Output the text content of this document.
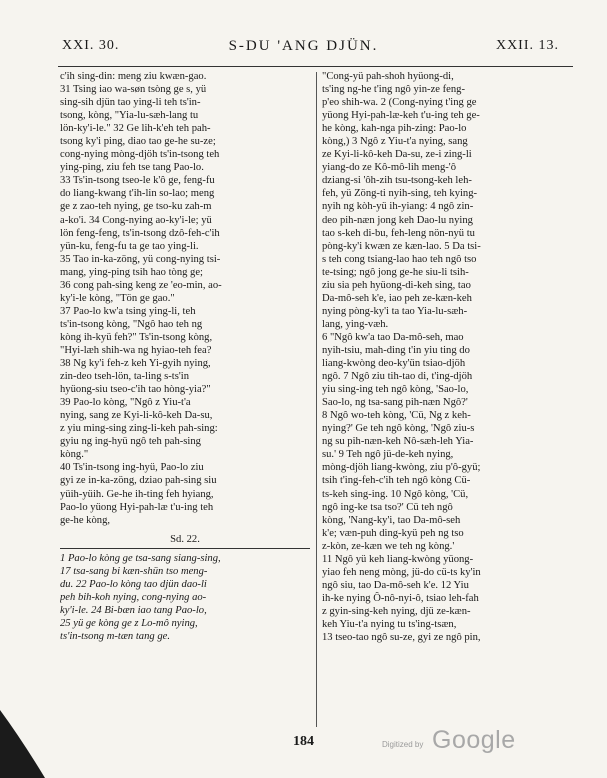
S-DU 'ANG DJÜN.
XXI. 30.	XXII. 13.
c'ih sing-din: meng ziu kwæn-gao.
31 Tsing iao wa-søn tsòng ge s, yü
sing-sih djün tao ying-li teh ts'in-
tsong, kòng, "Yia-lu-sæh-lang tu
lön-ky'i-le." 32 Ge lih-k'eh teh pah-
tsong ky'i ping, diao tao ge-he su-ze;
cong-nying mòng-djöh ts'in-tsong teh
ying-ping, ziu feh tse tang Pao-lo.
33 Ts'in-tsong tseo-le k'ô ge, feng-fu
do liang-kwang t'ih-lin so-lao; meng
ge z zao-teh nying, ge tso-ku zah-m
a-ko'i. 34 Cong-nying ao-ky'i-le; yü
lön feng-feng, ts'in-tsong dzô-feh-c'ih
yün-ku, feng-fu ta ge tao ying-li.
35 Tao in-ka-zöng, yü cong-nying tsi-
mang, ying-ping tsih hao tòng ge;
36 cong pah-sing keng ze 'eo-min, ao-
ky'i-le kòng, "Tön ge gao."
37 Pao-lo kw'a tsing ying-li, teh
ts'in-tsong kòng, "Ngô hao teh ng
kòng ih-kyü feh?" Ts'in-tsong kòng,
"Hyi-læh shih-wa ng hyiao-teh fea?
38 Ng ky'i feh-z keh Yi-gyih nying,
zin-deo tseh-lön, ta-ling s-ts'in
hyüong-siu tseo-c'ih tao hòng-yia?"
39 Pao-lo kòng, "Ngô z Yiu-t'a
nying, sang ze Kyi-li-kô-keh Da-su,
z yiu ming-sing zing-li-keh pah-sing:
gyiu ng ing-hyü ngô teh pah-sing
kòng."
40 Ts'in-tsong ing-hyü, Pao-lo ziu
gyi ze in-ka-zöng, dziao pah-sing siu
yüih-yüih. Ge-he ih-ting feh hyiang,
Pao-lo yüong Hyi-pah-læ t'u-ing teh
ge-he kòng,
Sd. 22.
1 Pao-lo kòng ge tsa-sang siang-sing,
17 tsa-sang bi kæn-shün tso meng-
du. 22 Pao-lo kòng tao djün dao-li
peh bih-koh nying, cong-nying ao-
ky'i-le. 24 Bi-bæn iao tang Pao-lo,
25 yü ge kòng ge z Lo-mô nying,
ts'in-tsong m-tæn tang ge.
"Cong-yü pah-shoh hyüong-di,
ts'ing ng-he t'ing ngô yin-ze feng-
p'eo shih-wa. 2 (Cong-nying t'ing ge
yüong Hyi-pah-læ-keh t'u-ing teh ge-
he kòng, kah-nga pih-zing: Pao-lo
kòng,) 3 Ngô z Yiu-t'a nying, sang
ze Kyi-li-kô-keh Da-su, ze-i zing-li
yiang-do ze Kô-mô-lih meng-'ô
dziang-si 'ôh-zih tsu-tsong-keh leh-
feh, yü Zöng-ti nyih-sing, teh kying-
nyih ng kòh-yü ih-yiang: 4 ngô zin-
deo pih-næn jong keh Dao-lu nying
tao s-keh di-bu, feh-leng nön-nyü tu
pòng-ky'i kwæn ze kæn-lao. 5 Da tsi-
s teh cong tsiang-lao hao teh ngô tso
te-tsing; ngô jong ge-he siu-li tsih-
ziu sia peh hyüong-di-keh sing, tao
Da-mô-seh k'e, iao peh ze-kæn-keh
nying pòng-ky'i ta tao Yia-lu-sæh-
lang, ying-væh.
6 "Ngô kw'a tao Da-mô-seh, mao
nyih-tsiu, mah-ding t'in yiu ting do
liang-kwòng deo-ky'ün tsiao-djöh
ngô. 7 Ngô ziu tih-tao di, t'ing-djöh
yiu sing-ing teh ngô kòng, 'Sao-lo,
Sao-lo, ng tsa-sang pih-næn Ngô?'
8 Ngô wo-teh kòng, 'Cü, Ng z keh-
nying?' Ge teh ngô kòng, 'Ngô ziu-s
ng su pih-næn-keh Nô-sæh-leh Yia-
su.' 9 Teh ngô jü-de-keh nying,
mòng-djöh liang-kwòng, ziu p'ô-gyü;
tsih t'ing-feh-c'ih teh ngô kòng Cü-
ts-keh sing-ing. 10 Ngô kòng, 'Cü,
ngô ing-ke tsa tso?' Cü teh ngô
kòng, 'Nang-ky'i, tao Da-mô-seh
k'e; væn-puh ding-kyü peh ng tso
z-kòn, ze-kæn we teh ng kòng.'
11 Ngô yü keh liang-kwòng yüong-
yiao feh neng mòng, jü-do cü-ts ky'in
ngô siu, tao Da-mô-seh k'e. 12 Yiu
ih-ke nying Ô-nô-nyi-ô, tsiao leh-fah
z gyin-sing-keh nying, djü ze-kæn-
keh Yiu-t'a nying tu ts'ing-tsæn,
13 tseo-tao ngô su-ze, gyi ze ngô pin,
184	Digitized by Google
